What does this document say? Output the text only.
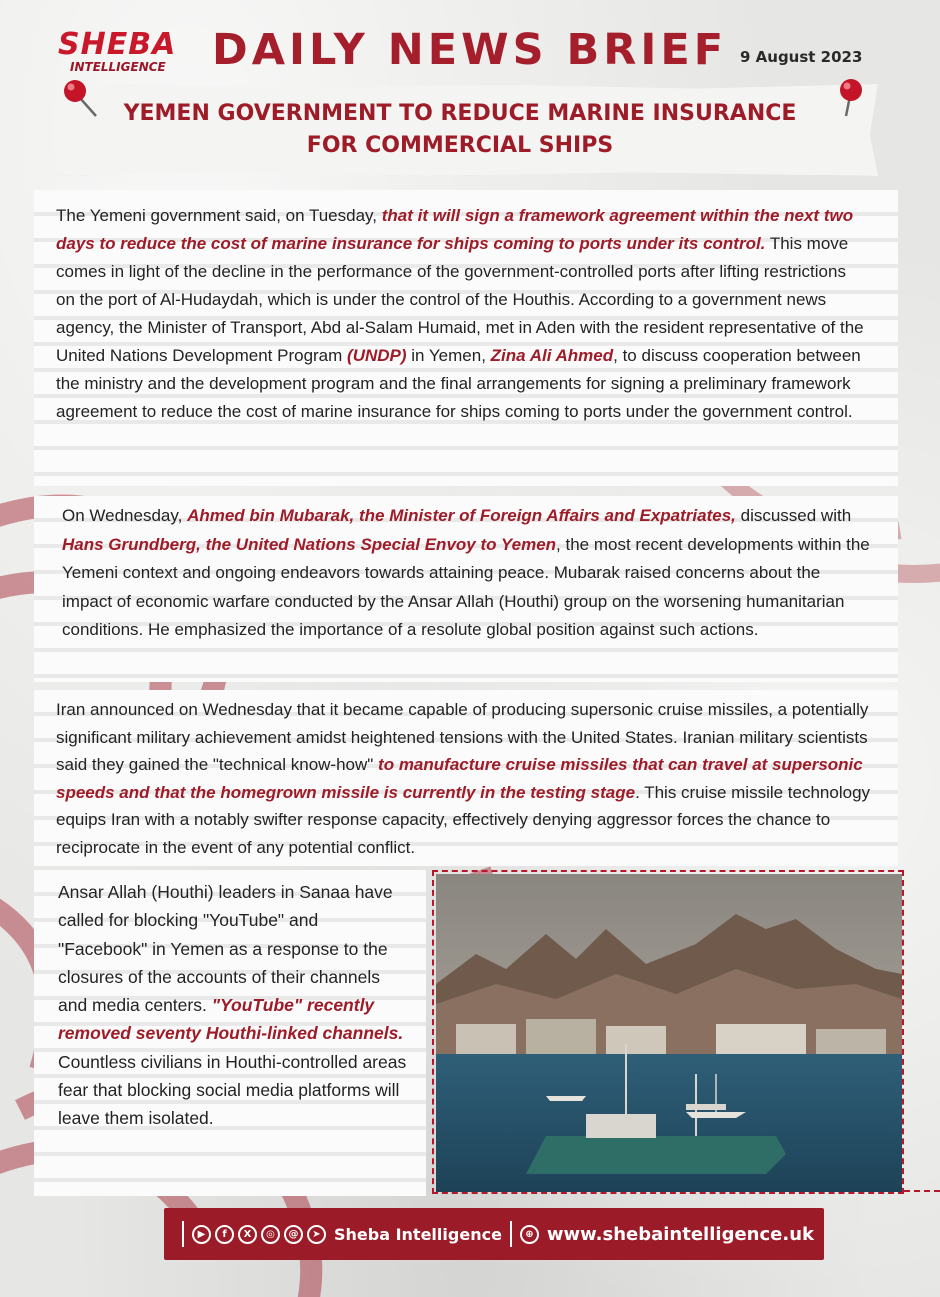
SHEBA
INTELLIGENCE	DAILY NEWS BRIEF 9 August 2023
YEMEN GOVERNMENT TO REDUCE MARINE INSURANCE
FOR COMMERCIAL SHIPS

The Yemeni government said, on Tuesday, that it will sign a framework agreement within the next two days to reduce the cost of marine insurance for ships coming to ports under its control. This move comes in light of the decline in the performance of the government-controlled ports after lifting restrictions on the port of Al-Hudaydah, which is under the control of the Houthis. According to a government news agency, the Minister of Transport, Abd al-Salam Humaid, met in Aden with the resident representative of the United Nations Development Program (UNDP) in Yemen, Zina Ali Ahmed, to discuss cooperation between the ministry and the development program and the final arrangements for signing a preliminary framework agreement to reduce the cost of marine insurance for ships coming to ports under the government control.

On Wednesday, Ahmed bin Mubarak, the Minister of Foreign Affairs and Expatriates, discussed with Hans Grundberg, the United Nations Special Envoy to Yemen, the most recent developments within the Yemeni context and ongoing endeavors towards attaining peace. Mubarak raised concerns about the impact of economic warfare conducted by the Ansar Allah (Houthi) group on the worsening humanitarian conditions. He emphasized the importance of a resolute global position against such actions.

Iran announced on Wednesday that it became capable of producing supersonic cruise missiles, a potentially significant military achievement amidst heightened tensions with the United States. Iranian military scientists said they gained the "technical know-how" to manufacture cruise missiles that can travel at supersonic speeds and that the homegrown missile is currently in the testing stage. This cruise missile technology equips Iran with a notably swifter response capacity, effectively denying aggressor forces the chance to reciprocate in the event of any potential conflict.

Ansar Allah (Houthi) leaders in Sanaa have called for blocking "YouTube" and "Facebook" in Yemen as a response to the closures of the accounts of their channels and media centers. "YouTube" recently removed seventy Houthi-linked channels. Countless civilians in Houthi-controlled areas fear that blocking social media platforms will leave them isolated.

▶	f	X	◎	@	➤ Sheba Intelligence	⊕ www.shebaintelligence.uk
